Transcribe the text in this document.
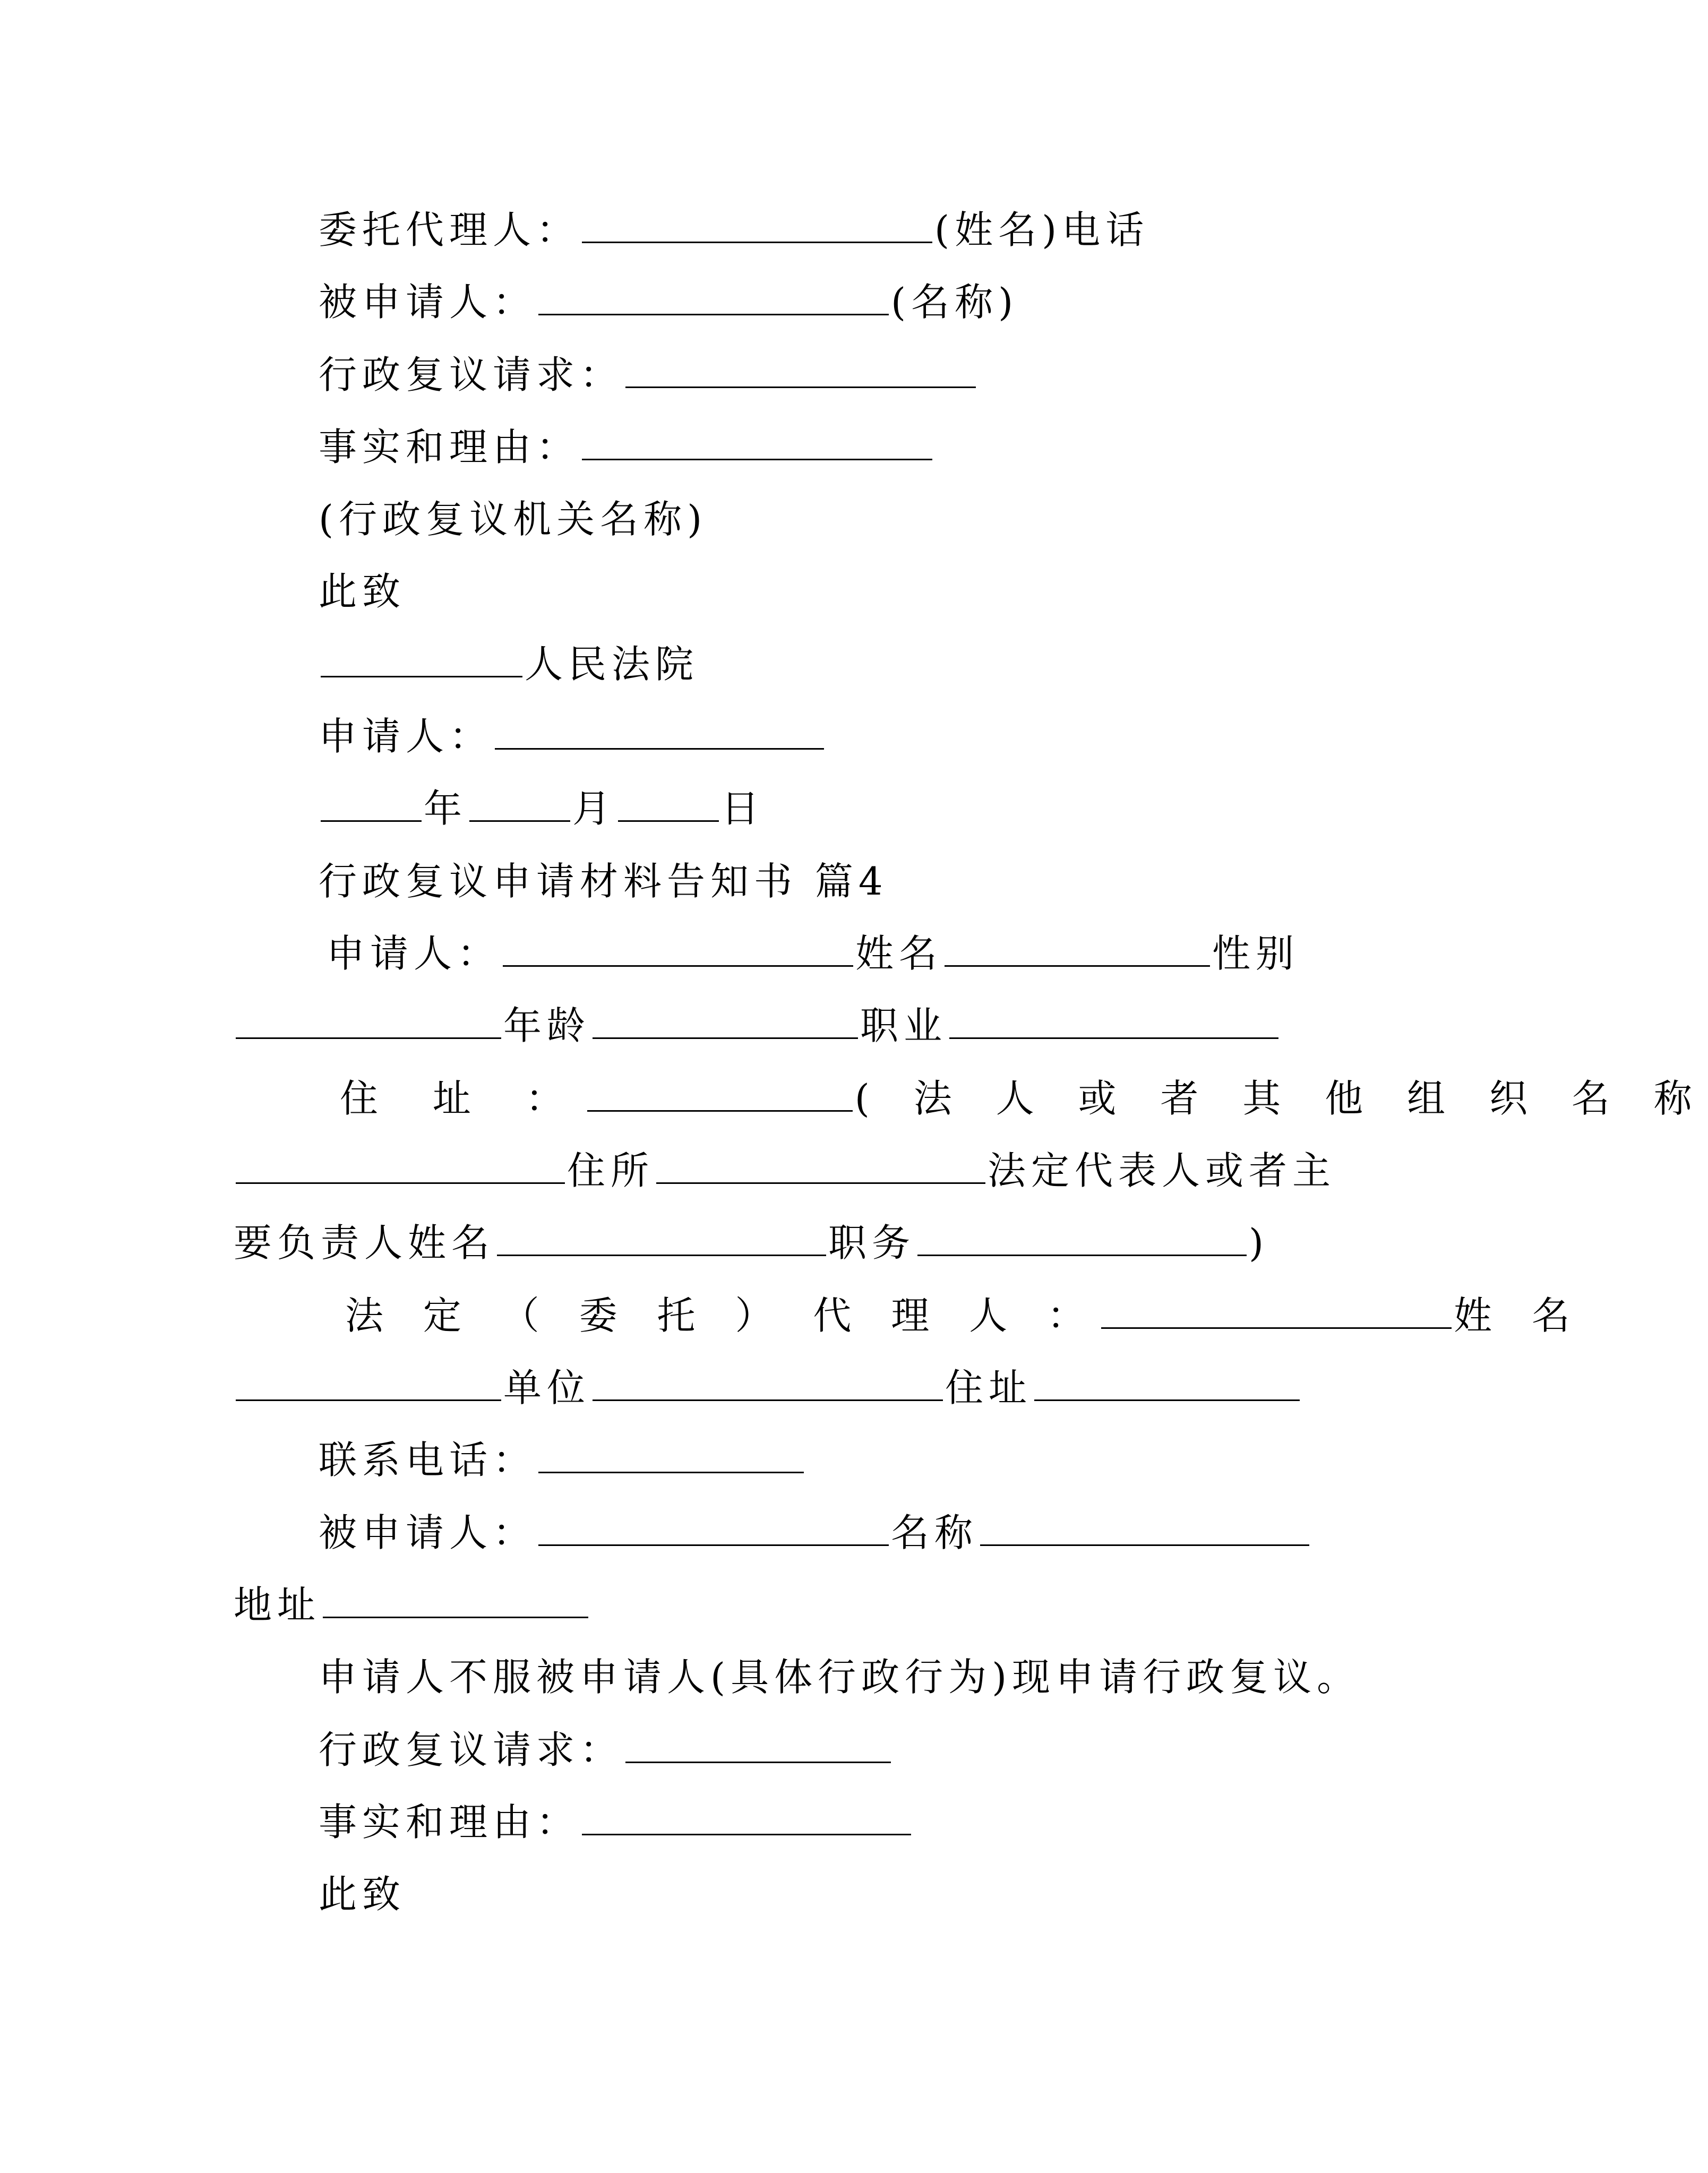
委托代理人：	(姓名)电话
被申请人：	(名称)
行政复议请求：
事实和理由：
(行政复议机关名称)
此致
人民法院
申请人：
年	月	日
行政复议申请材料告知书 篇4
申请人：	姓名	性别
年龄	职业
住 址 ：	( 法 人 或 者 其 他 组 织 名 称
住所	法定代表人或者主
要负责人姓名	职务	)
法 定 （ 委 托 ） 代 理 人 ：	姓 名
单位	住址
联系电话：
被申请人：	名称
地址
申请人不服被申请人(具体行政行为)现申请行政复议。
行政复议请求：
事实和理由：
此致
